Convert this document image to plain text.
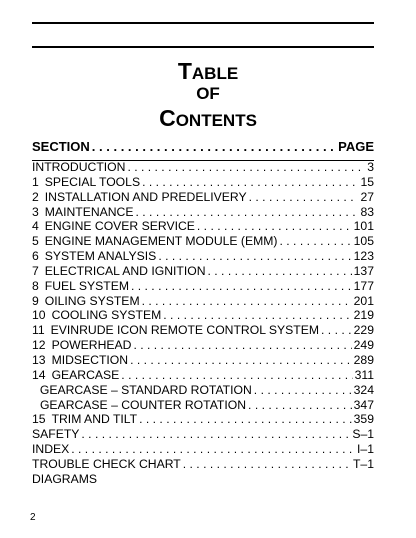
TABLE
OF
CONTENTS
SECTION . . .	PAGE
INTRODUCTION . . .	3
1 SPECIAL TOOLS . . .	15
2 INSTALLATION AND PREDELIVERY . . .	27
3 MAINTENANCE . . .	83
4 ENGINE COVER SERVICE . . .	101
5 ENGINE MANAGEMENT MODULE (EMM) . . .	105
6 SYSTEM ANALYSIS . . .	123
7 ELECTRICAL AND IGNITION . . .	137
8 FUEL SYSTEM . . .	177
9 OILING SYSTEM . . .	201
10 COOLING SYSTEM . . .	219
11 EVINRUDE ICON REMOTE CONTROL SYSTEM . . .	229
12 POWERHEAD . . .	249
13 MIDSECTION . . .	289
14 GEARCASE . . .	311
GEARCASE – STANDARD ROTATION . . .	324
GEARCASE – COUNTER ROTATION . . .	347
15 TRIM AND TILT . . .	359
SAFETY . . .	S–1
INDEX . . .	I–1
TROUBLE CHECK CHART . . .	T–1
DIAGRAMS
2
